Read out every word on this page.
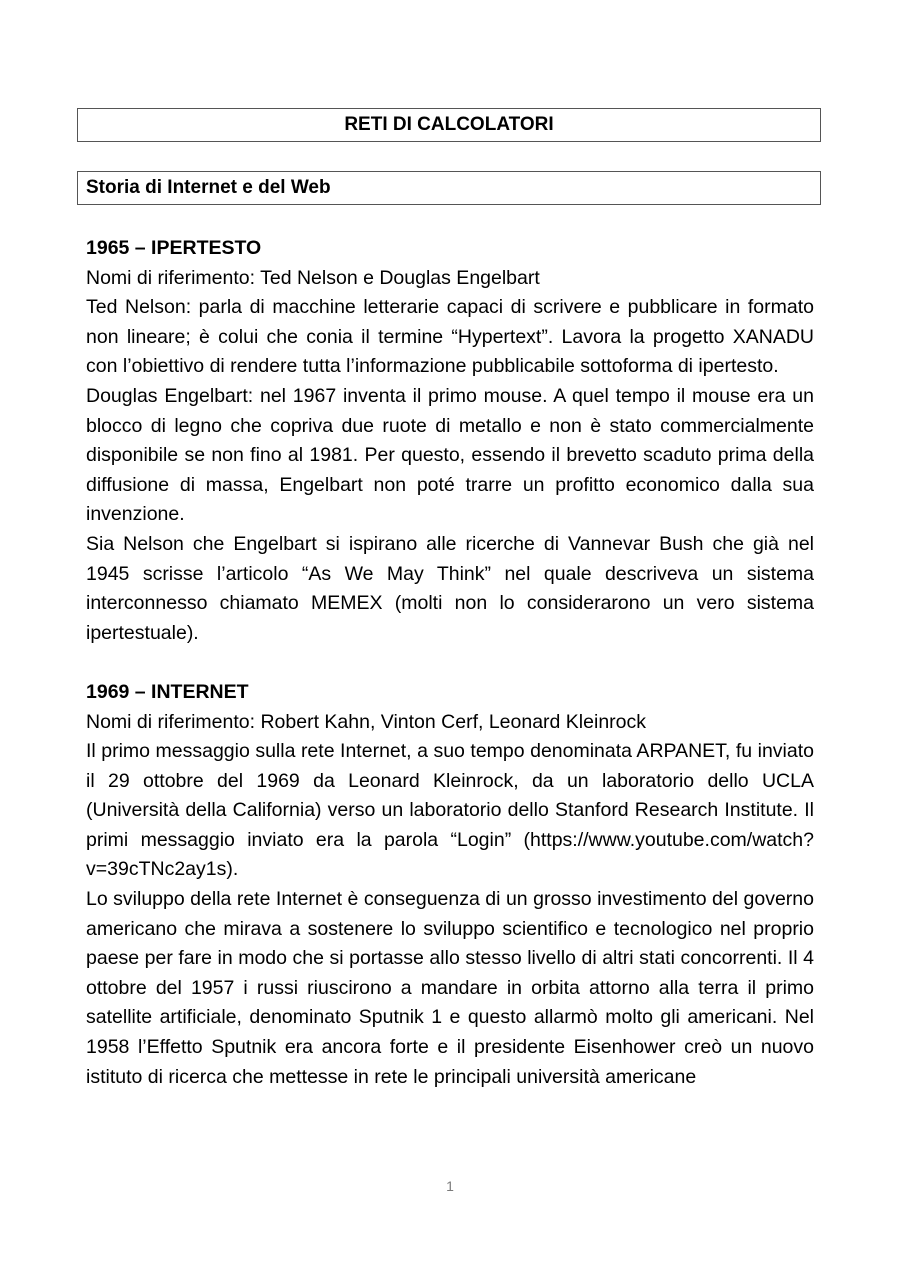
RETI DI CALCOLATORI
Storia di Internet e del Web

1965 – IPERTESTO

Nomi di riferimento: Ted Nelson e Douglas Engelbart

Ted Nelson: parla di macchine letterarie capaci di scrivere e pubblicare in formato non lineare; è colui che conia il termine “Hypertext”. Lavora la progetto XANADU con l’obiettivo di rendere tutta l’informazione pubblicabile sottoforma di ipertesto.

Douglas Engelbart: nel 1967 inventa il primo mouse. A quel tempo il mouse era un blocco di legno che copriva due ruote di metallo e non è stato commercialmente disponibile se non fino al 1981. Per questo, essendo il brevetto scaduto prima della diffusione di massa, Engelbart non poté trarre un profitto economico dalla sua invenzione.

Sia Nelson che Engelbart si ispirano alle ricerche di Vannevar Bush che già nel 1945 scrisse l’articolo “As We May Think” nel quale descriveva un sistema interconnesso chiamato MEMEX (molti non lo considerarono un vero sistema ipertestuale).

1969 – INTERNET

Nomi di riferimento: Robert Kahn, Vinton Cerf, Leonard Kleinrock

Il primo messaggio sulla rete Internet, a suo tempo denominata ARPANET, fu inviato il 29 ottobre del 1969 da Leonard Kleinrock, da un laboratorio dello UCLA (Università della California) verso un laboratorio dello Stanford Research Institute. Il primi messaggio inviato era la parola “Login” (https://www.youtube.com/watch?v=39cTNc2ay1s).

Lo sviluppo della rete Internet è conseguenza di un grosso investimento del governo americano che mirava a sostenere lo sviluppo scientifico e tecnologico nel proprio paese per fare in modo che si portasse allo stesso livello di altri stati concorrenti. Il 4 ottobre del 1957 i russi riuscirono a mandare in orbita attorno alla terra il primo satellite artificiale, denominato Sputnik 1 e questo allarmò molto gli americani. Nel 1958 l’Effetto Sputnik era ancora forte e il presidente Eisenhower creò un nuovo istituto di ricerca che mettesse in rete le principali università americane

1
